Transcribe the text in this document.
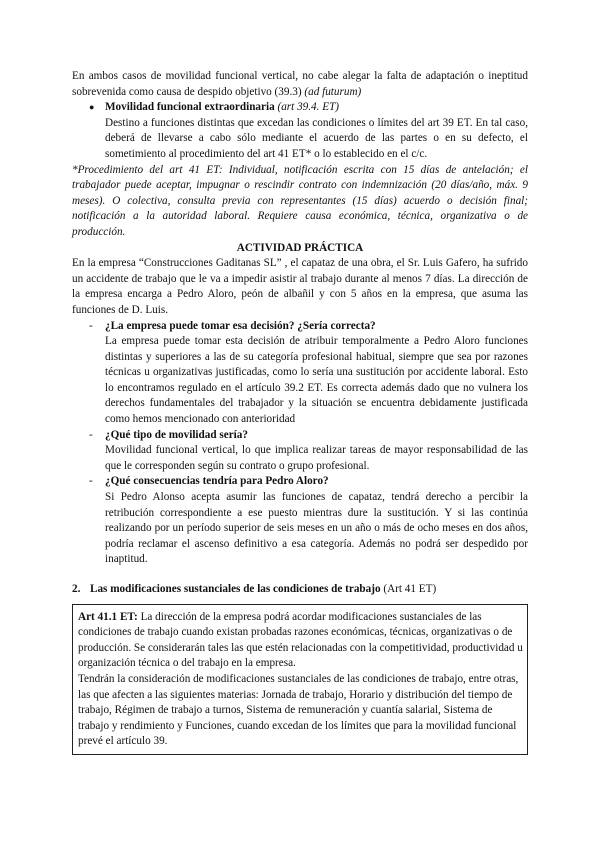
En ambos casos de movilidad funcional vertical, no cabe alegar la falta de adaptación o ineptitud sobrevenida como causa de despido objetivo (39.3) (ad futurum)

● Movilidad funcional extraordinaria (art 39.4. ET)

Destino a funciones distintas que excedan las condiciones o límites del art 39 ET. En tal caso, deberá de llevarse a cabo sólo mediante el acuerdo de las partes o en su defecto, el sometimiento al procedimiento del art 41 ET* o lo establecido en el c/c.

*Procedimiento del art 41 ET: Individual, notificación escrita con 15 días de antelación; el trabajador puede aceptar, impugnar o rescindir contrato con indemnización (20 días/año, máx. 9 meses). O colectiva, consulta previa con representantes (15 días) acuerdo o decisión final; notificación a la autoridad laboral. Requiere causa económica, técnica, organizativa o de producción.

ACTIVIDAD PRÁCTICA

En la empresa “Construcciones Gaditanas SL” , el capataz de una obra, el Sr. Luis Gafero, ha sufrido un accidente de trabajo que le va a impedir asistir al trabajo durante al menos 7 días. La dirección de la empresa encarga a Pedro Aloro, peón de albañil y con 5 años en la empresa, que asuma las funciones de D. Luis.

- ¿La empresa puede tomar esa decisión? ¿Sería correcta?

La empresa puede tomar esta decisión de atribuir temporalmente a Pedro Aloro funciones distintas y superiores a las de su categoría profesional habitual, siempre que sea por razones técnicas u organizativas justificadas, como lo sería una sustitución por accidente laboral. Esto lo encontramos regulado en el artículo 39.2 ET. Es correcta además dado que no vulnera los derechos fundamentales del trabajador y la situación se encuentra debidamente justificada como hemos mencionado con anterioridad

- ¿Qué tipo de movilidad sería?

Movilidad funcional vertical, lo que implica realizar tareas de mayor responsabilidad de las que le corresponden según su contrato o grupo profesional.

- ¿Qué consecuencias tendría para Pedro Aloro?

Si Pedro Alonso acepta asumir las funciones de capataz, tendrá derecho a percibir la retribución correspondiente a ese puesto mientras dure la sustitución. Y si las continúa realizando por un período superior de seis meses en un año o más de ocho meses en dos años, podría reclamar el ascenso definitivo a esa categoría. Además no podrá ser despedido por inaptitud.

2. Las modificaciones sustanciales de las condiciones de trabajo (Art 41 ET)

Art 41.1 ET: La dirección de la empresa podrá acordar modificaciones sustanciales de las condiciones de trabajo cuando existan probadas razones económicas, técnicas, organizativas o de producción. Se considerarán tales las que estén relacionadas con la competitividad, productividad u organización técnica o del trabajo en la empresa.

Tendrán la consideración de modificaciones sustanciales de las condiciones de trabajo, entre otras, las que afecten a las siguientes materias: Jornada de trabajo, Horario y distribución del tiempo de trabajo, Régimen de trabajo a turnos, Sistema de remuneración y cuantía salarial, Sistema de trabajo y rendimiento y Funciones, cuando excedan de los límites que para la movilidad funcional prevé el artículo 39.
